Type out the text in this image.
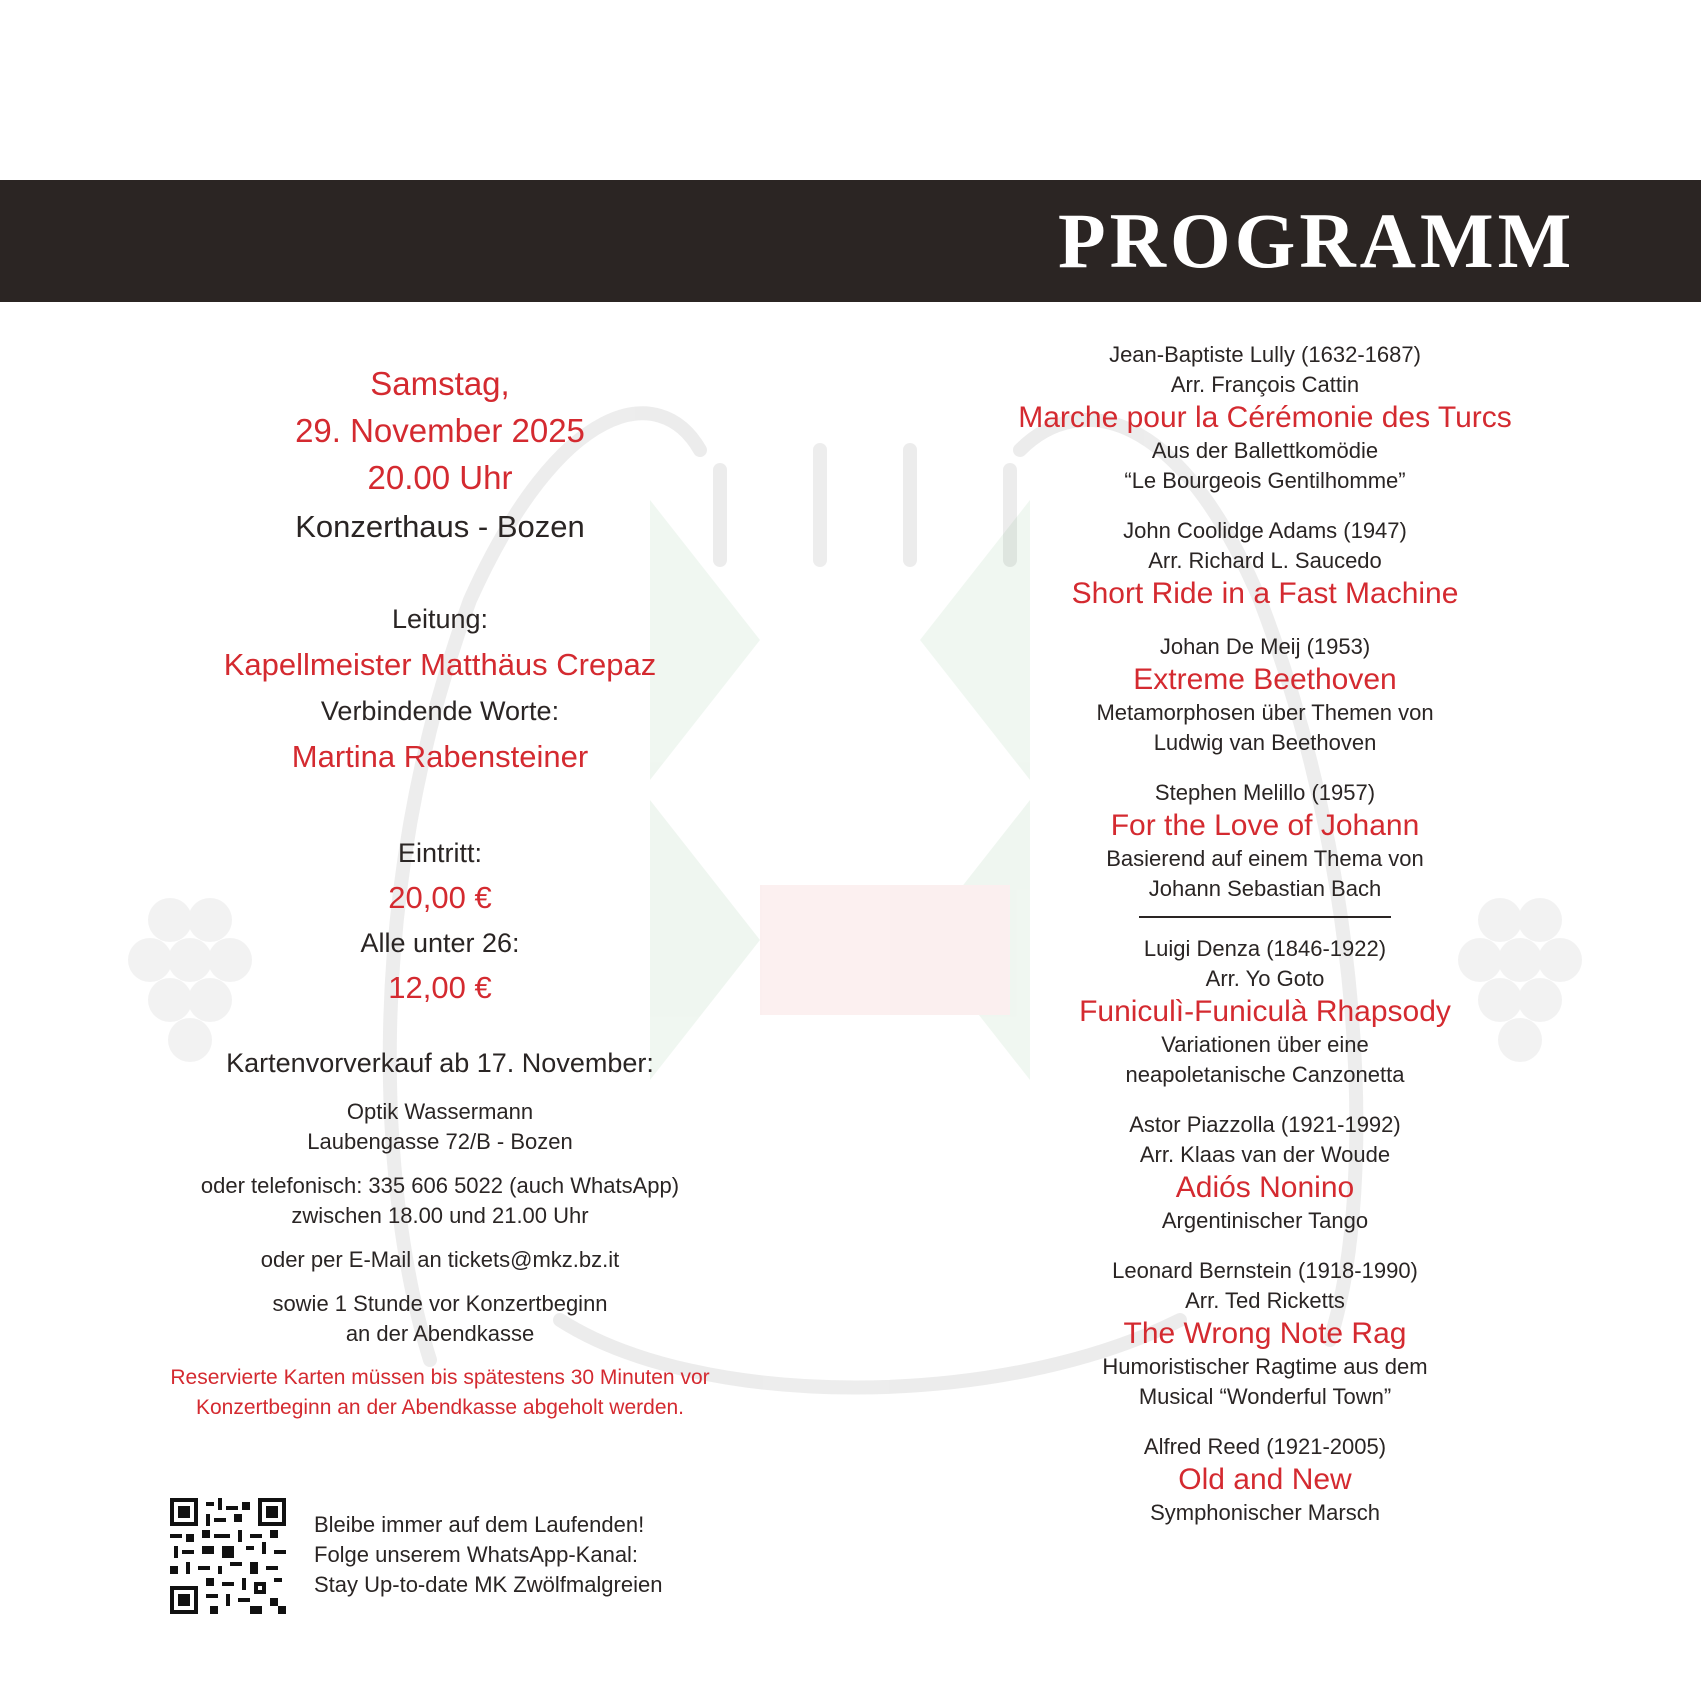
PROGRAMM
Samstag,
29. November 2025
20.00 Uhr
Konzerthaus - Bozen
Leitung:
Kapellmeister Matthäus Crepaz
Verbindende Worte:
Martina Rabensteiner
Eintritt:
20,00 €
Alle unter 26:
12,00 €
Kartenvorverkauf ab 17. November:
Optik Wassermann
Laubengasse 72/B - Bozen
oder telefonisch: 335 606 5022 (auch WhatsApp)
zwischen 18.00 und 21.00 Uhr
oder per E-Mail an tickets@mkz.bz.it
sowie 1 Stunde vor Konzertbeginn
an der Abendkasse
Reservierte Karten müssen bis spätestens 30 Minuten vor
Konzertbeginn an der Abendkasse abgeholt werden.
Bleibe immer auf dem Laufenden!
Folge unserem WhatsApp-Kanal:
Stay Up-to-date MK Zwölfmalgreien
Jean-Baptiste Lully (1632-1687)
Arr. François Cattin
Marche pour la Cérémonie des Turcs
Aus der Ballettkomödie
“Le Bourgeois Gentilhomme”
John Coolidge Adams (1947)
Arr. Richard L. Saucedo
Short Ride in a Fast Machine
Johan De Meij (1953)
Extreme Beethoven
Metamorphosen über Themen von
Ludwig van Beethoven
Stephen Melillo (1957)
For the Love of Johann
Basierend auf einem Thema von
Johann Sebastian Bach
Luigi Denza (1846-1922)
Arr. Yo Goto
Funiculì-Funiculà Rhapsody
Variationen über eine
neapoletanische Canzonetta
Astor Piazzolla (1921-1992)
Arr. Klaas van der Woude
Adiós Nonino
Argentinischer Tango
Leonard Bernstein (1918-1990)
Arr. Ted Ricketts
The Wrong Note Rag
Humoristischer Ragtime aus dem
Musical “Wonderful Town”
Alfred Reed (1921-2005)
Old and New
Symphonischer Marsch
